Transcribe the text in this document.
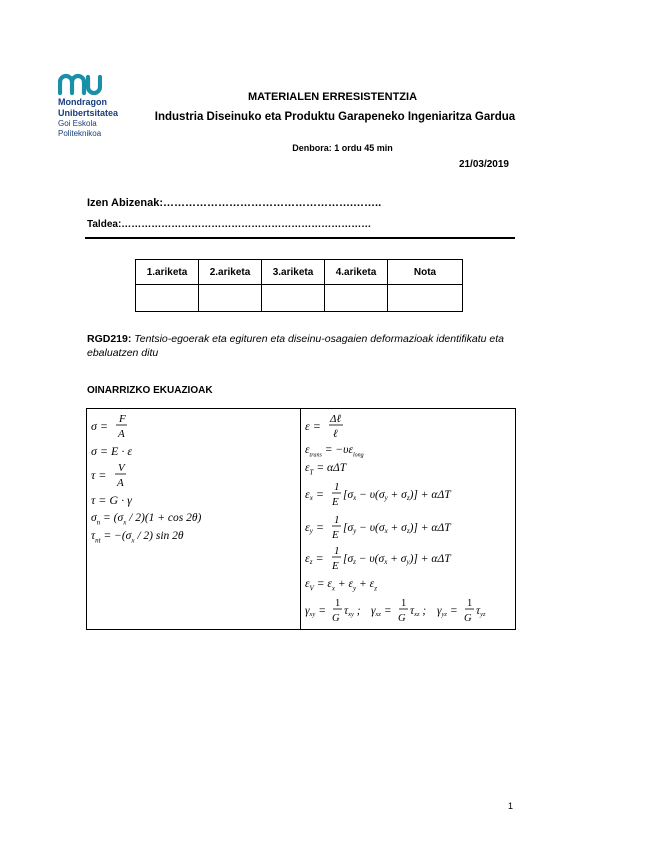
Mondragon
Unibertsitatea
Goi Eskola
Politeknikoa
MATERIALEN ERRESISTENTZIA
Industria Diseinuko eta Produktu Garapeneko Ingeniaritza Gardua
Denbora: 1 ordu 45 min
21/03/2019
Izen Abizenak:…………………………………………….……..
Taldea:…………………………………………………………………
1.ariketa	2.ariketa	3.ariketa	4.ariketa	Nota

RGD219: Tentsio-egoerak eta egituren eta diseinu-osagaien deformazioak identifikatu eta ebaluatzen ditu
OINARRIZKO EKUAZIOAK
σ = F
A
σ = E · ε
τ = V
A
τ = G · γ
$\sigma_n = (\sigma_x / 2)(1 + \cos 2\theta)$
$\tau_{nt} = -(\sigma_x / 2)$ sin 2θ
ε = Δℓ
ℓ
$\varepsilon_{trans} = -\upsilon\varepsilon_{long}$
$\varepsilon_T = \alpha\Delta T$
εx = 1
E
[σx − υ(σy + σz)] + αΔT
εy = 1
E
[σy − υ(σx + σz)] + αΔT
εz = 1
E
[σz − υ(σx + σy)] + αΔT
$\varepsilon_V = \varepsilon_x + \varepsilon_y + \varepsilon_z$
γxy =
1
G
τxy ; γxz =
1
G
τxz ; γyz =
1
G
τyz
1
